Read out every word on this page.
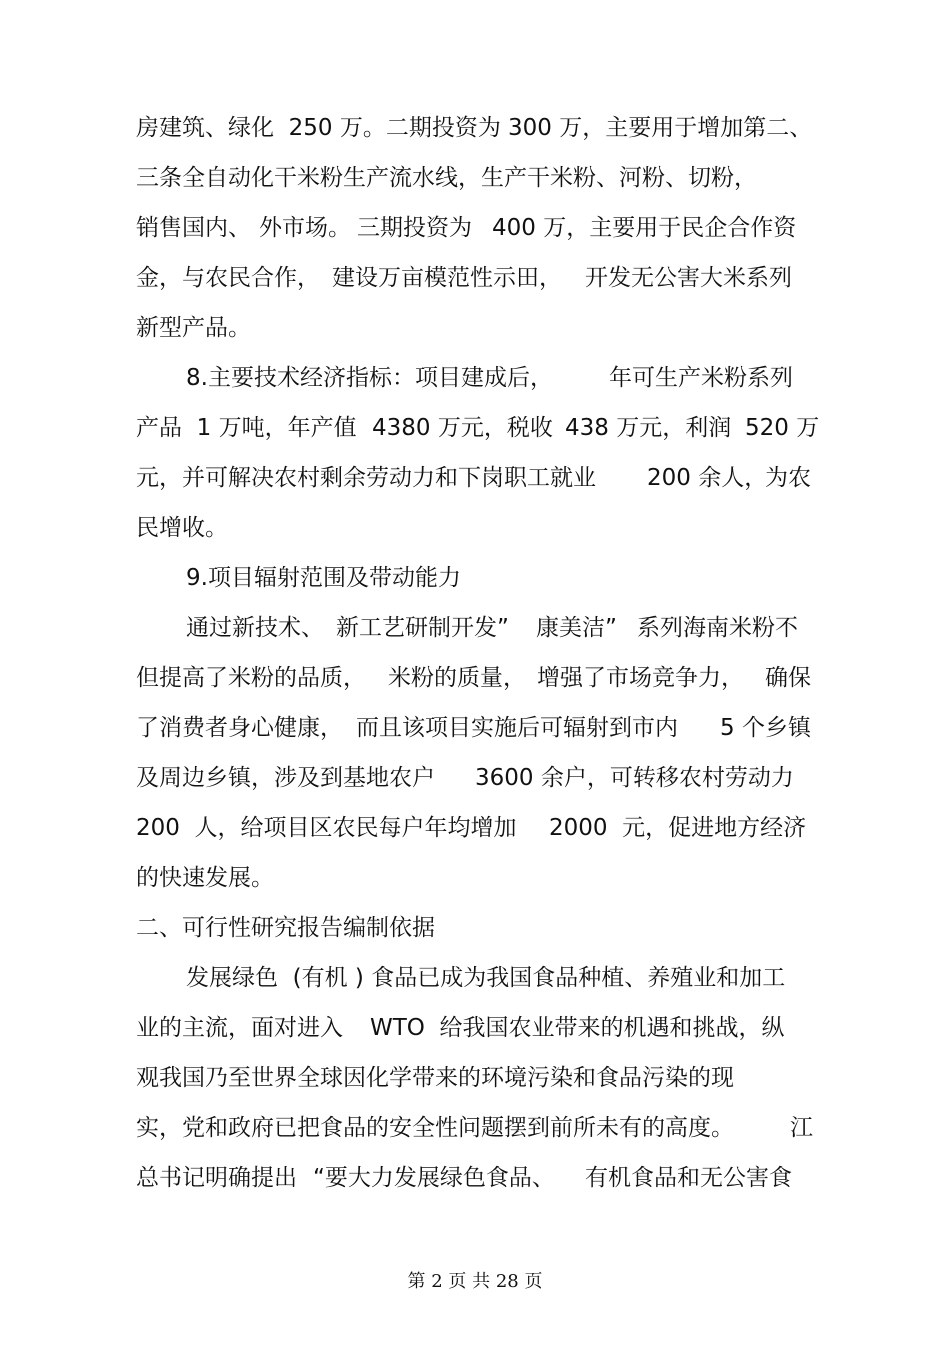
房建筑、绿化  250 万。二期投资为 300 万，主要用于增加第二、
三条全自动化干米粉生产流水线，生产干米粉、河粉、切粉，
销售国内、 外市场。 三期投资为 400 万，主要用于民企合作资
金，与农民合作， 建设万亩模范性示田， 开发无公害大米系列
新型产品。
8.主要技术经济指标：项目建成后， 年可生产米粉系列
产品  1 万吨，年产值 4380 万元，税收 438 万元，利润 520 万
元，并可解决农村剩余劳动力和下岗职工就业 200 余人，
为农
民增收。
9.项目辐射范围及带动能力
通过新技术、 新工艺研制开发” 康美洁” 系列海南米粉不
但提高了米粉的品质， 米粉的质量， 增强了市场竞争力， 确保
了消费者身心健康， 而且该项目实施后可辐射到市内 5 个乡镇
及周边乡镇，涉及到基地农户 3600 余户，可转移农村劳动力
200  人，给项目区农民每户年均增加 2000  元，促进地方经济
的快速发展。
二、可行性研究报告编制依据
发展绿色  (有机 ) 食品已成为我国食品种植、养殖业和加工
业的主流，面对进入 WTO  给我国农业带来的机遇和挑战，纵
观我国乃至世界全球因化学带来的环境污染和食品污染的现
实，党和政府已把食品的安全性问题摆到前所未有的高度。 江
总书记明确提出 “要大力发展绿色食品、 有机食品和无公害食
第 2 页 共 28 页
